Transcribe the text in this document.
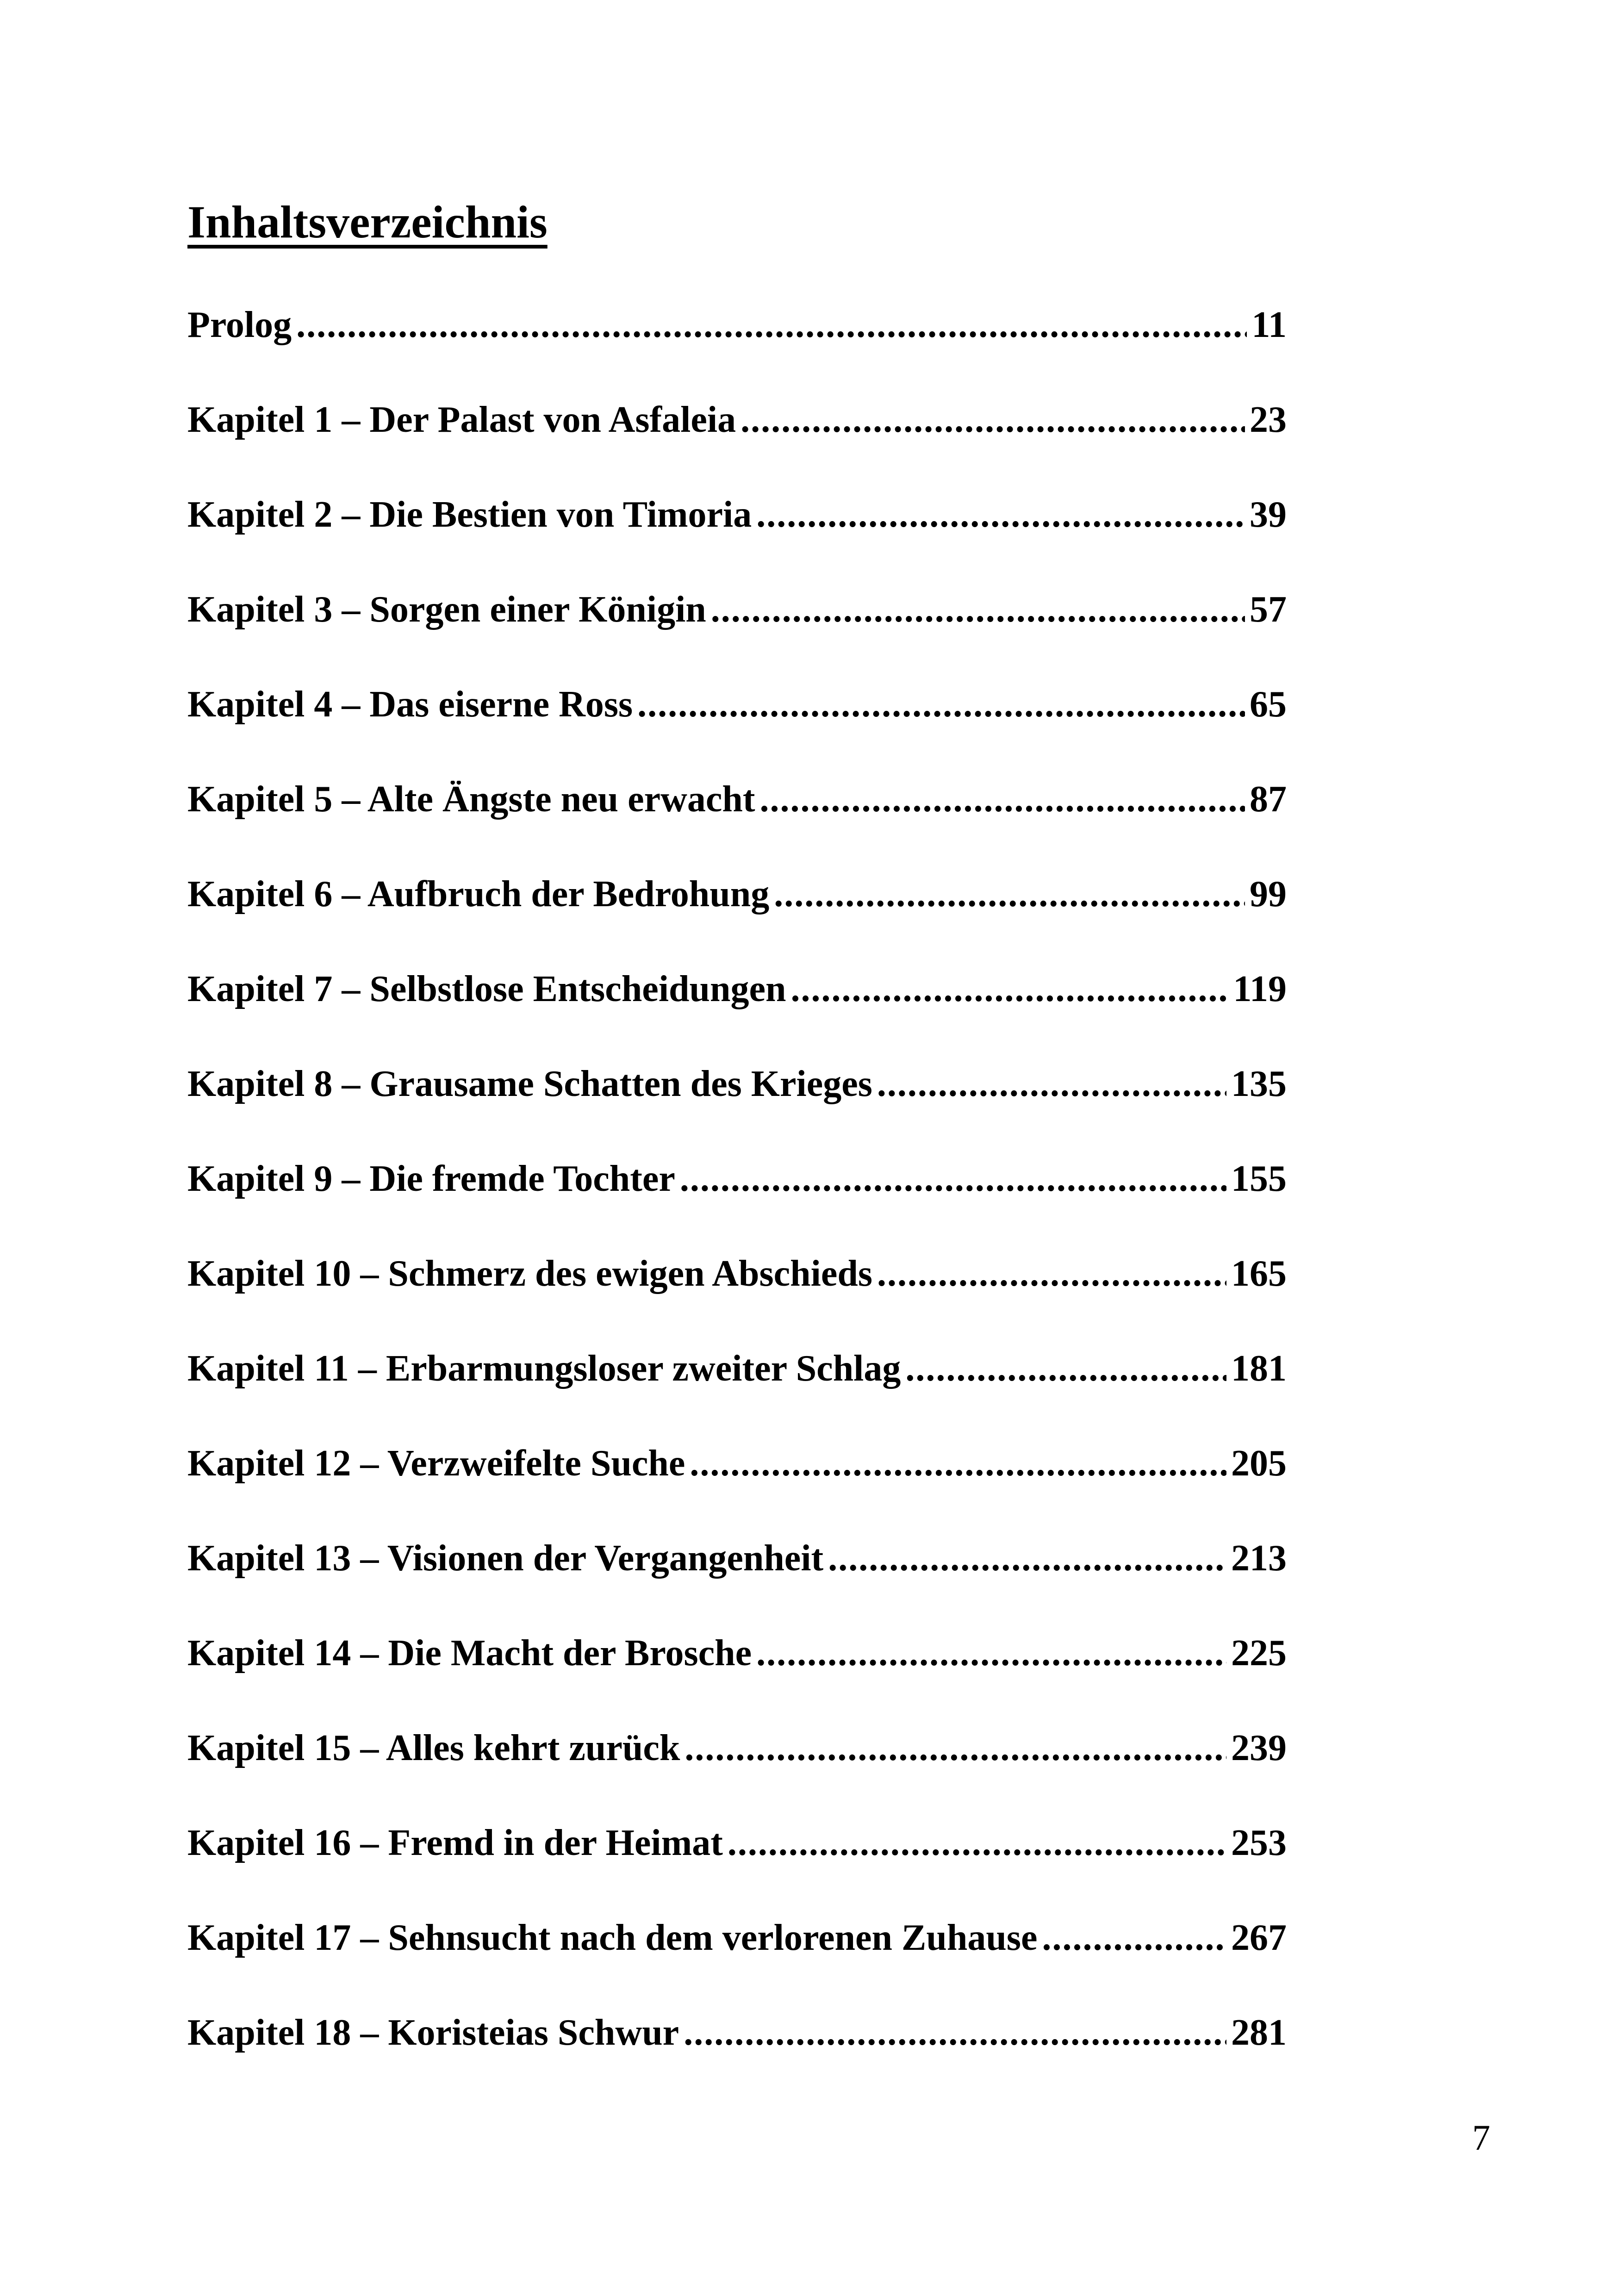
Inhaltsverzeichnis
Prolog .....	11
Kapitel 1 – Der Palast von Asfaleia .....	23
Kapitel 2 – Die Bestien von Timoria .....	39
Kapitel 3 – Sorgen einer Königin .....	57
Kapitel 4 – Das eiserne Ross .....	65
Kapitel 5 – Alte Ängste neu erwacht .....	87
Kapitel 6 – Aufbruch der Bedrohung .....	99
Kapitel 7 – Selbstlose Entscheidungen .....	119
Kapitel 8 – Grausame Schatten des Krieges .....	135
Kapitel 9 – Die fremde Tochter .....	155
Kapitel 10 – Schmerz des ewigen Abschieds .....	165
Kapitel 11 – Erbarmungsloser zweiter Schlag .....	181
Kapitel 12 – Verzweifelte Suche .....	205
Kapitel 13 – Visionen der Vergangenheit .....	213
Kapitel 14 – Die Macht der Brosche .....	225
Kapitel 15 – Alles kehrt zurück .....	239
Kapitel 16 – Fremd in der Heimat .....	253
Kapitel 17 – Sehnsucht nach dem verlorenen Zuhause .....	267
Kapitel 18 – Koristeias Schwur .....	281
7
